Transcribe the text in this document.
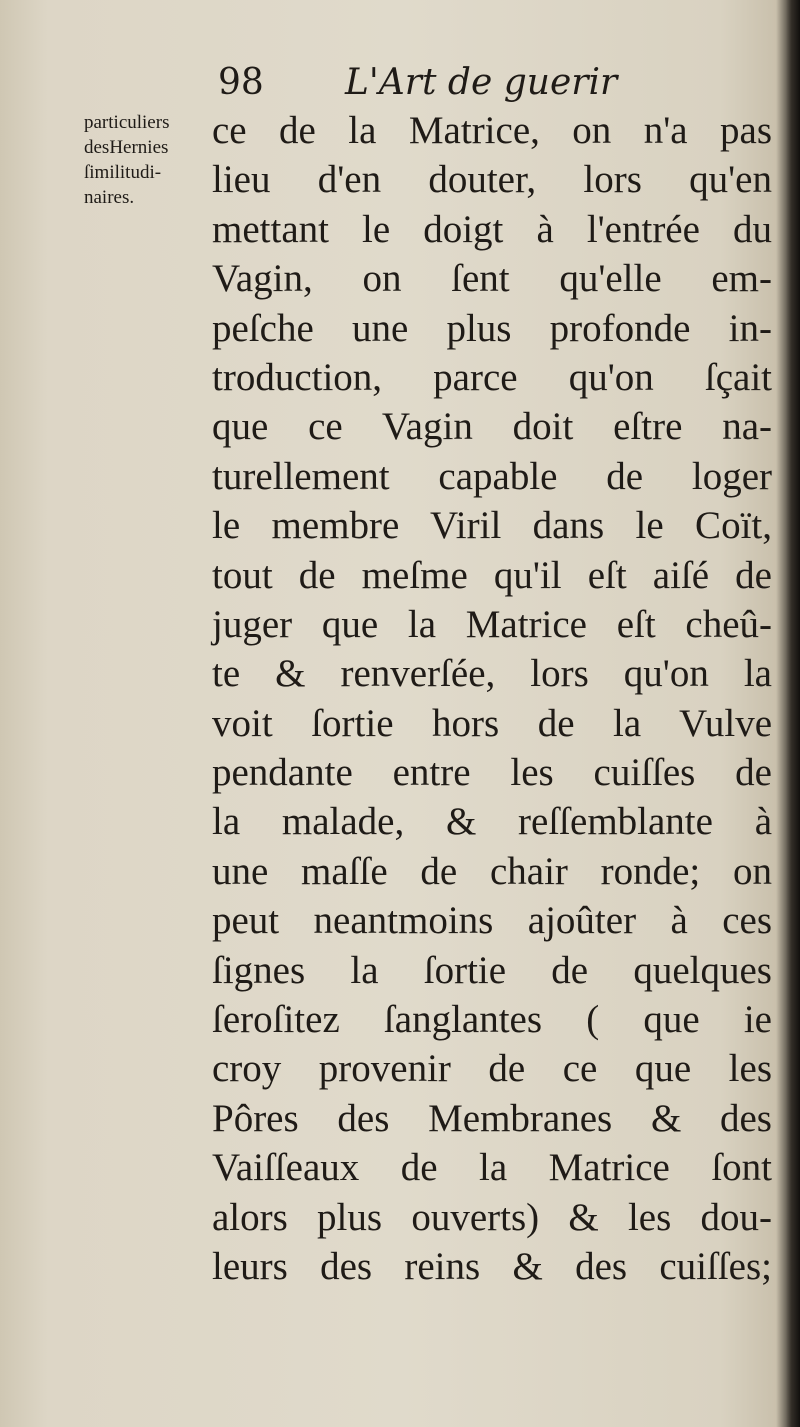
98 L'Art de guerir
particuliers
desHernies
ſimilitudi-
naires.
ce de la Matrice, on n'a pas
lieu d'en douter, lors qu'en
mettant le doigt à l'entrée du
Vagin, on ſent qu'elle em-
peſche une plus profonde in-
troduction, parce qu'on ſçait
que ce Vagin doit eſtre na-
turellement capable de loger
le membre Viril dans le Coït,
tout de meſme qu'il eſt aiſé de
juger que la Matrice eſt cheû-
te & renverſée, lors qu'on la
voit ſortie hors de la Vulve
pendante entre les cuiſſes de
la malade, & reſſemblante à
une maſſe de chair ronde; on
peut neantmoins ajoûter à ces
ſignes la ſortie de quelques
ſeroſitez ſanglantes ( que ie
croy provenir de ce que les
Pôres des Membranes & des
Vaiſſeaux de la Matrice ſont
alors plus ouverts) & les dou-
leurs des reins & des cuiſſes;
